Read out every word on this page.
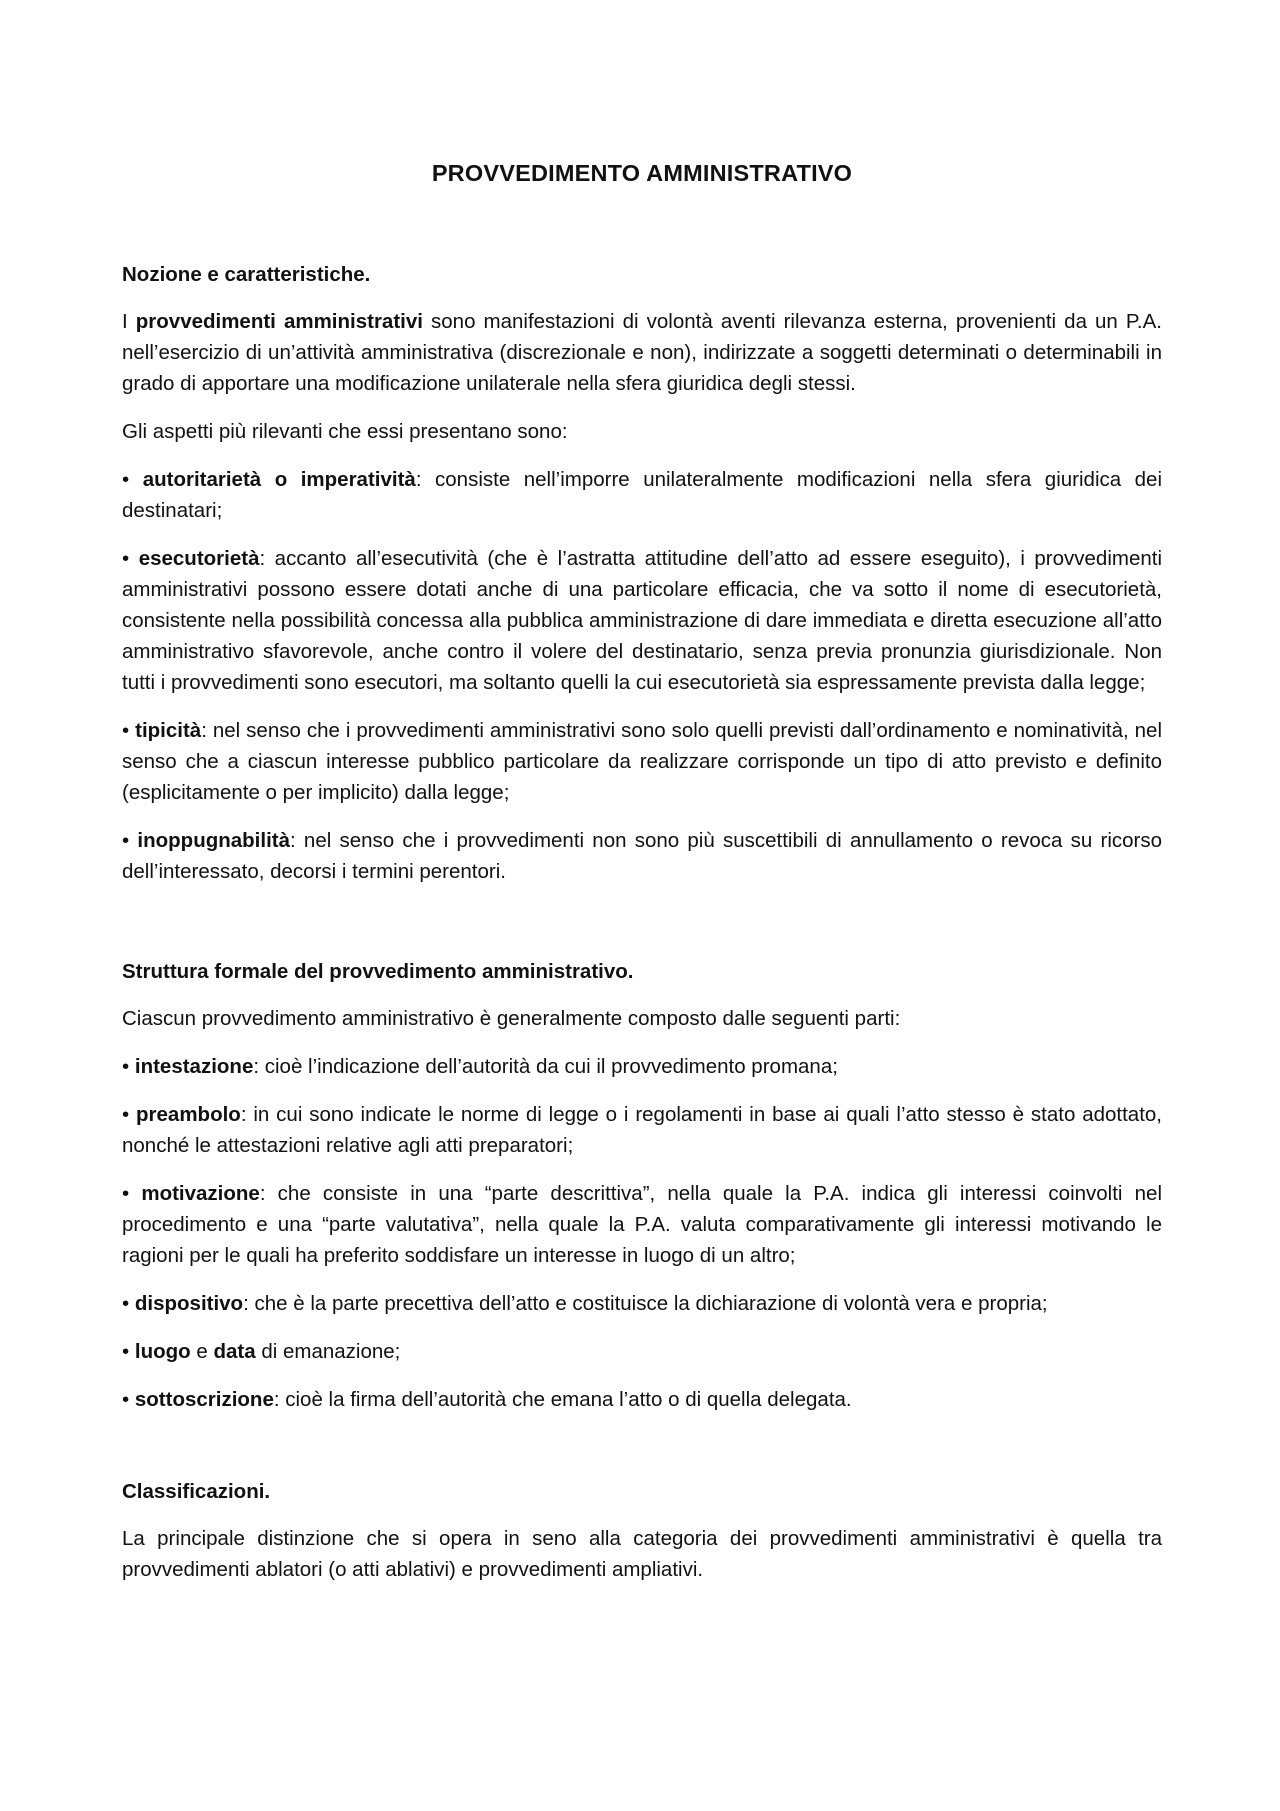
PROVVEDIMENTO AMMINISTRATIVO
Nozione e caratteristiche.

I provvedimenti amministrativi sono manifestazioni di volontà aventi rilevanza esterna, provenienti da un P.A. nell’esercizio di un’attività amministrativa (discrezionale e non), indirizzate a soggetti determinati o determinabili in grado di apportare una modificazione unilaterale nella sfera giuridica degli stessi.

Gli aspetti più rilevanti che essi presentano sono:

• autoritarietà o imperatività: consiste nell’imporre unilateralmente modificazioni nella sfera giuridica dei destinatari;

• esecutorietà: accanto all’esecutività (che è l’astratta attitudine dell’atto ad essere eseguito), i provvedimenti amministrativi possono essere dotati anche di una particolare efficacia, che va sotto il nome di esecutorietà, consistente nella possibilità concessa alla pubblica amministrazione di dare immediata e diretta esecuzione all’atto amministrativo sfavorevole, anche contro il volere del destinatario, senza previa pronunzia giurisdizionale. Non tutti i provvedimenti sono esecutori, ma soltanto quelli la cui esecutorietà sia espressamente prevista dalla legge;

• tipicità: nel senso che i provvedimenti amministrativi sono solo quelli previsti dall’ordinamento e nominatività, nel senso che a ciascun interesse pubblico particolare da realizzare corrisponde un tipo di atto previsto e definito (esplicitamente o per implicito) dalla legge;

• inoppugnabilità: nel senso che i provvedimenti non sono più suscettibili di annullamento o revoca su ricorso dell’interessato, decorsi i termini perentori.

Struttura formale del provvedimento amministrativo.

Ciascun provvedimento amministrativo è generalmente composto dalle seguenti parti:

• intestazione: cioè l’indicazione dell’autorità da cui il provvedimento promana;

• preambolo: in cui sono indicate le norme di legge o i regolamenti in base ai quali l’atto stesso è stato adottato, nonché le attestazioni relative agli atti preparatori;

• motivazione: che consiste in una “parte descrittiva”, nella quale la P.A. indica gli interessi coinvolti nel procedimento e una “parte valutativa”, nella quale la P.A. valuta comparativamente gli interessi motivando le ragioni per le quali ha preferito soddisfare un interesse in luogo di un altro;

• dispositivo: che è la parte precettiva dell’atto e costituisce la dichiarazione di volontà vera e propria;

• luogo e data di emanazione;

• sottoscrizione: cioè la firma dell’autorità che emana l’atto o di quella delegata.

Classificazioni.

La principale distinzione che si opera in seno alla categoria dei provvedimenti amministrativi è quella tra provvedimenti ablatori (o atti ablativi) e provvedimenti ampliativi.
